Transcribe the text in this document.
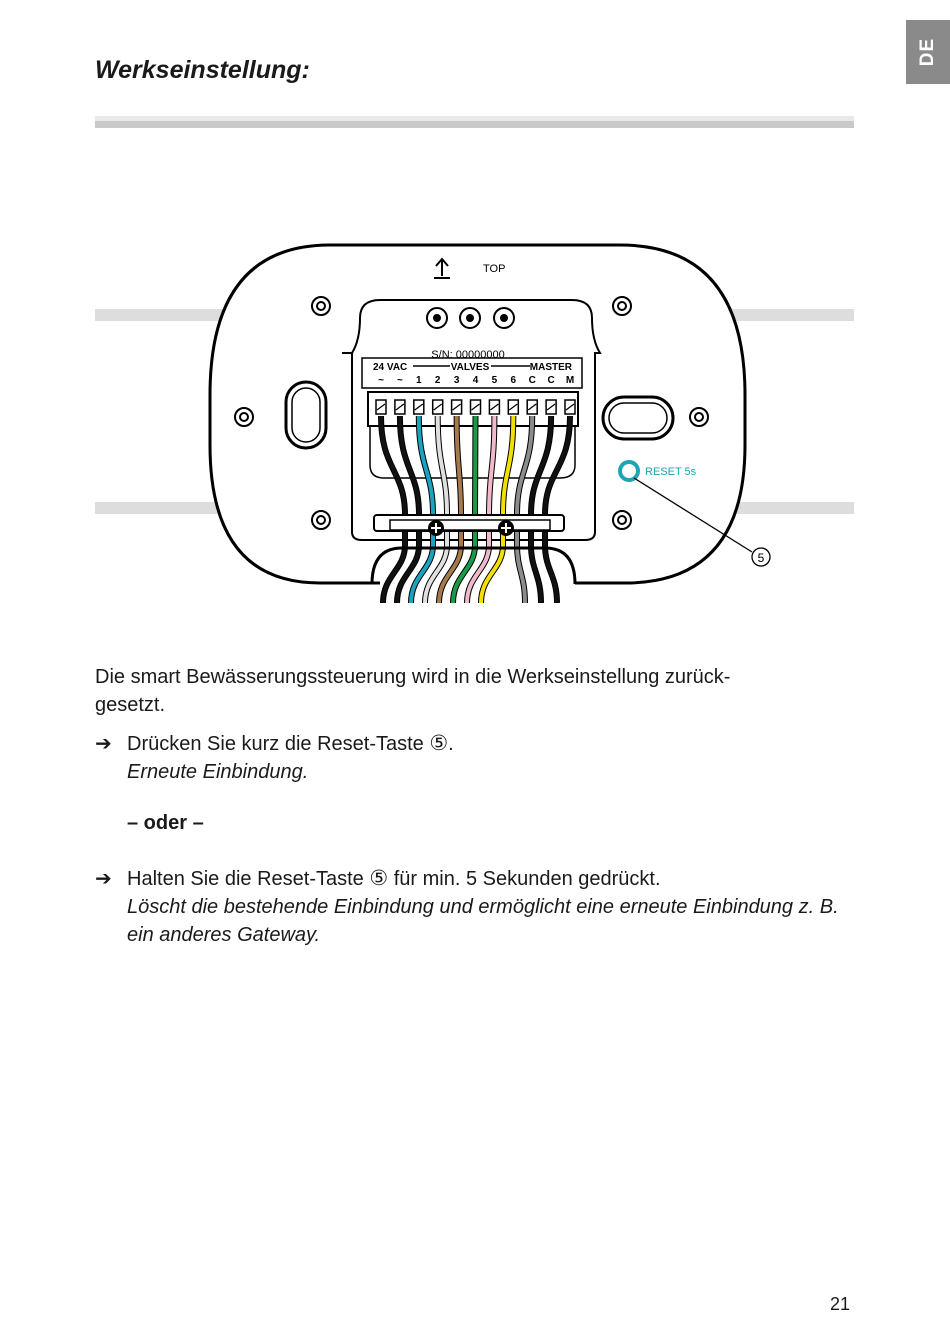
DE
Werkseinstellung:
TOP
S/N: 00000000
24 VAC	VALVES	MASTER
~ ~ 1 2 3 4 5 6 C C M
RESET 5s
5

Die smart Bewässerungssteuerung wird in die Werkseinstellung zurück-gesetzt.

➔ Drücken Sie kurz die Reset-Taste ⑤.
Erneute Einbindung.
– oder –
➔ Halten Sie die Reset-Taste ⑤ für min. 5 Sekunden gedrückt.
Löscht die bestehende Einbindung und ermöglicht eine erneute Einbindung z. B. ein anderes Gateway.
21
